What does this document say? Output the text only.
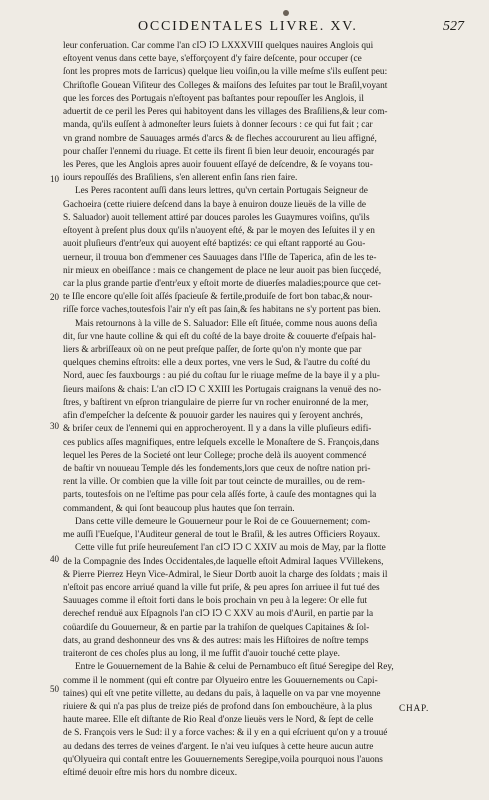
OCCIDENTALES LIVRE. XV.	527
10
20
30
40
50
leur conferuation. Car comme l'an cIↃ IↃ LXXXVIII quelques nauires Anglois qui
eſtoyent venus dans cette baye, s'efforçoyent d'y faire deſcente, pour occuper (ce
ſont les propres mots de Iarricus) quelque lieu voiſin,ou la ville meſme s'ils euſſent peu:
Chriſtofle Gouean Viſiteur des Colleges & maiſons des Ieſuites par tout le Braſil,voyant
que les forces des Portugais n'eſtoyent pas baſtantes pour repouſſer les Anglois, il
aduertit de ce peril les Peres qui habitoyent dans les villages des Braſiliens,& leur com-
manda, qu'ils euſſent à admoneſter leurs ſuiets à donner ſecours : ce qui fut fait ; car
vn grand nombre de Sauuages armés d'arcs & de fleches accoururent au lieu affigné,
pour chaſſer l'ennemi du riuage. Et cette ils firent ſi bien leur deuoir, encouragés par
les Peres, que les Anglois apres auoir fouuent eſſayé de deſcendre, & ſe voyans tou-
iours repouſſés des Braſiliens, s'en allerent enfin ſans rien faire.
Les Peres racontent auſſi dans leurs lettres, qu'vn certain Portugais Seigneur de
Gachoeira (cette riuiere deſcend dans la baye à enuiron douze lieuës de la ville de
S. Saluador) auoit tellement attiré par douces paroles les Guaymures voiſins, qu'ils
eſtoyent à preſent plus doux qu'ils n'auoyent eſté, & par le moyen des Ieſuites il y en
auoit pluſieurs d'entr'eux qui auoyent eſté baptizés: ce qui eſtant rapporté au Gou-
uerneur, il trouua bon d'emmener ces Sauuages dans l'Iſle de Taperica, afin de les te-
nir mieux en obeiſſance : mais ce changement de place ne leur auoit pas bien ſucçedé,
car la plus grande partie d'entr'eux y eſtoit morte de diuerſes maladies;pource que cet-
te Iſle encore qu'elle ſoit aſſés ſpacieuſe & fertile,produiſe de fort bon tabac,& nour-
riſſe force vaches,toutesfois l'air n'y eſt pas ſain,& ſes habitans ne s'y portent pas bien.
Mais retournons à la ville de S. Saluador: Elle eſt ſituée, comme nous auons deſia
dit, ſur vne haute colline & qui eſt du coſté de la baye droite & couuerte d'eſpais hal-
liers & arbriſſeaux où on ne peut preſque paſſer, de ſorte qu'on n'y monte que par
quelques chemins eſtroits: elle a deux portes, vne vers le Sud, & l'autre du coſté du
Nord, auec ſes fauxbourgs : au pié du coſtau ſur le riuage meſme de la baye il y a plu-
ſieurs maiſons & chais: L'an cIↃ IↃ C XXIII les Portugais craignans la venuë des no-
ſtres, y baſtirent vn eſpron triangulaire de pierre ſur vn rocher enuironné de la mer,
afin d'empeſcher la deſcente & pouuoir garder les nauires qui y ſeroyent anchrés,
& briſer ceux de l'ennemi qui en approcheroyent. Il y a dans la ville pluſieurs edifi-
ces publics aſſes magnifiques, entre leſquels excelle le Monaſtere de S. François,dans
lequel les Peres de la Societé ont leur College; proche delà ils auoyent commencé
de baſtir vn nouueau Temple dés les fondements,lors que ceux de noſtre nation pri-
rent la ville. Or combien que la ville ſoit par tout ceincte de murailles, ou de rem-
parts, toutesfois on ne l'eſtime pas pour cela aſſés forte, à cauſe des montagnes qui la
commandent, & qui ſont beaucoup plus hautes que ſon terrain.
Dans cette ville demeure le Gouuerneur pour le Roi de ce Gouuernement; com-
me auſſi l'Eueſque, l'Auditeur general de tout le Braſil, & les autres Officiers Royaux.
Cette ville fut priſe heureuſement l'an cIↃ IↃ C XXIV au mois de May, par la flotte
de la Compagnie des Indes Occidentales,de laquelle eſtoit Admiral Iaques VVillekens,
& Pierre Pierrez Heyn Vice-Admiral, le Sieur Dortb auoit la charge des ſoldats ; mais il
n'eſtoit pas encore arriué quand la ville fut priſe, & peu apres ſon arriuee il fut tué des
Sauuages comme il eſtoit forti dans le bois prochain vn peu à la legere: Or elle fut
derechef renduë aux Eſpagnols l'an cIↃ IↃ C XXV au mois d'Auril, en partie par la
coüardiſe du Gouuerneur, & en partie par la trahiſon de quelques Capitaines & ſol-
dats, au grand deshonneur des vns & des autres: mais les Hiſtoires de noſtre temps
traiteront de ces choſes plus au long, il me ſuffit d'auoir touché cette playe.
Entre le Gouuernement de la Bahie & celui de Pernambuco eſt ſitué Seregipe del Rey,
comme il le nomment (qui eſt contre par Olyueiro entre les Gouuernements ou Capi-
taines) qui eſt vne petite villette, au dedans du païs, à laquelle on va par vne moyenne
riuiere & qui n'a pas plus de treize piés de profond dans ſon embouchëure, à la plus
haute maree. Elle eſt diſtante de Rio Real d'onze lieuës vers le Nord, & ſept de celle
de S. François vers le Sud: il y a force vaches: & il y en a qui eſcriuent qu'on y a trouué
au dedans des terres de veines d'argent. Ie n'ai veu iuſques à cette heure aucun autre
qu'Olyueira qui contaſt entre les Gouuernements Seregipe,voila pourquoi nous l'auons
eſtimé deuoir eſtre mis hors du nombre diceux.
CHAP.
